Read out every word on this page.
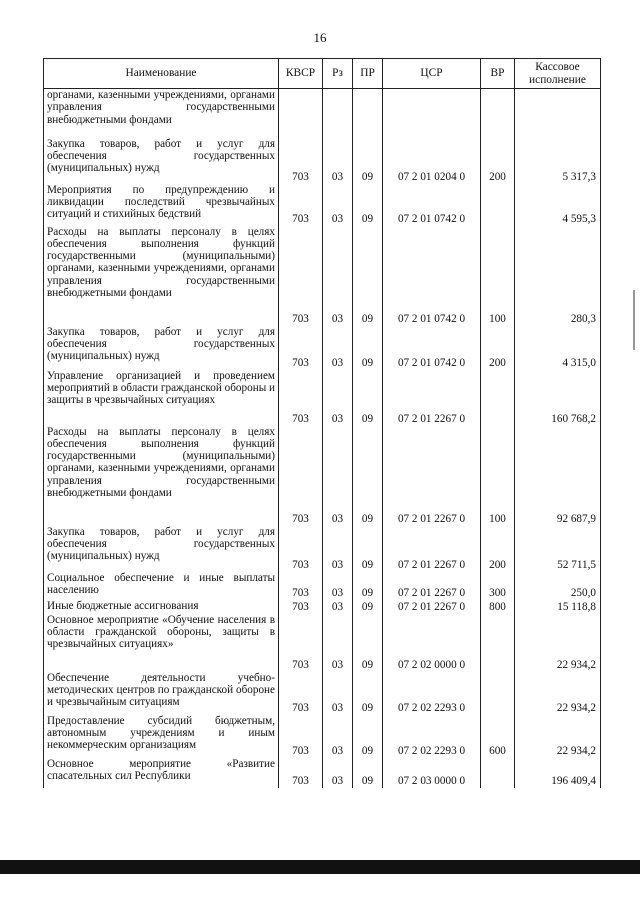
16
Наименование	КВСР	Рз	ПР	ЦСР	ВР	Кассовое исполнение
органами, казенными учреждениями, органами управления государственными внебюджетными фондами						
Закупка товаров, работ и услуг для обеспечения государственных (муниципальных) нужд	703	03	09	07 2 01 0204 0	200	5 317,3
Мероприятия по предупреждению и ликвидации последствий чрезвычайных ситуаций и стихийных бедствий	703	03	09	07 2 01 0742 0		4 595,3
Расходы на выплаты персоналу в целях обеспечения выполнения функций государственными (муниципальными) органами, казенными учреждениями, органами управления государственными внебюджетными фондами	703	03	09	07 2 01 0742 0	100	280,3
Закупка товаров, работ и услуг для обеспечения государственных (муниципальных) нужд	703	03	09	07 2 01 0742 0	200	4 315,0
Управление организацией и проведением мероприятий в области гражданской обороны и защиты в чрезвычайных ситуациях	703	03	09	07 2 01 2267 0		160 768,2
Расходы на выплаты персоналу в целях обеспечения выполнения функций государственными (муниципальными) органами, казенными учреждениями, органами управления государственными внебюджетными фондами	703	03	09	07 2 01 2267 0	100	92 687,9
Закупка товаров, работ и услуг для обеспечения государственных (муниципальных) нужд	703	03	09	07 2 01 2267 0	200	52 711,5
Социальное обеспечение и иные выплаты населению	703	03	09	07 2 01 2267 0	300	250,0
Иные бюджетные ассигнования	703	03	09	07 2 01 2267 0	800	15 118,8
Основное мероприятие «Обучение населения в области гражданской обороны, защиты в чрезвычайных ситуациях»	703	03	09	07 2 02 0000 0		22 934,2
Обеспечение деятельности учебно-методических центров по гражданской обороне и чрезвычайным ситуациям	703	03	09	07 2 02 2293 0		22 934,2
Предоставление субсидий бюджетным, автономным учреждениям и иным некоммерческим организациям	703	03	09	07 2 02 2293 0	600	22 934,2
Основное мероприятие «Развитие спасательных сил Республики	703	03	09	07 2 03 0000 0		196 409,4
